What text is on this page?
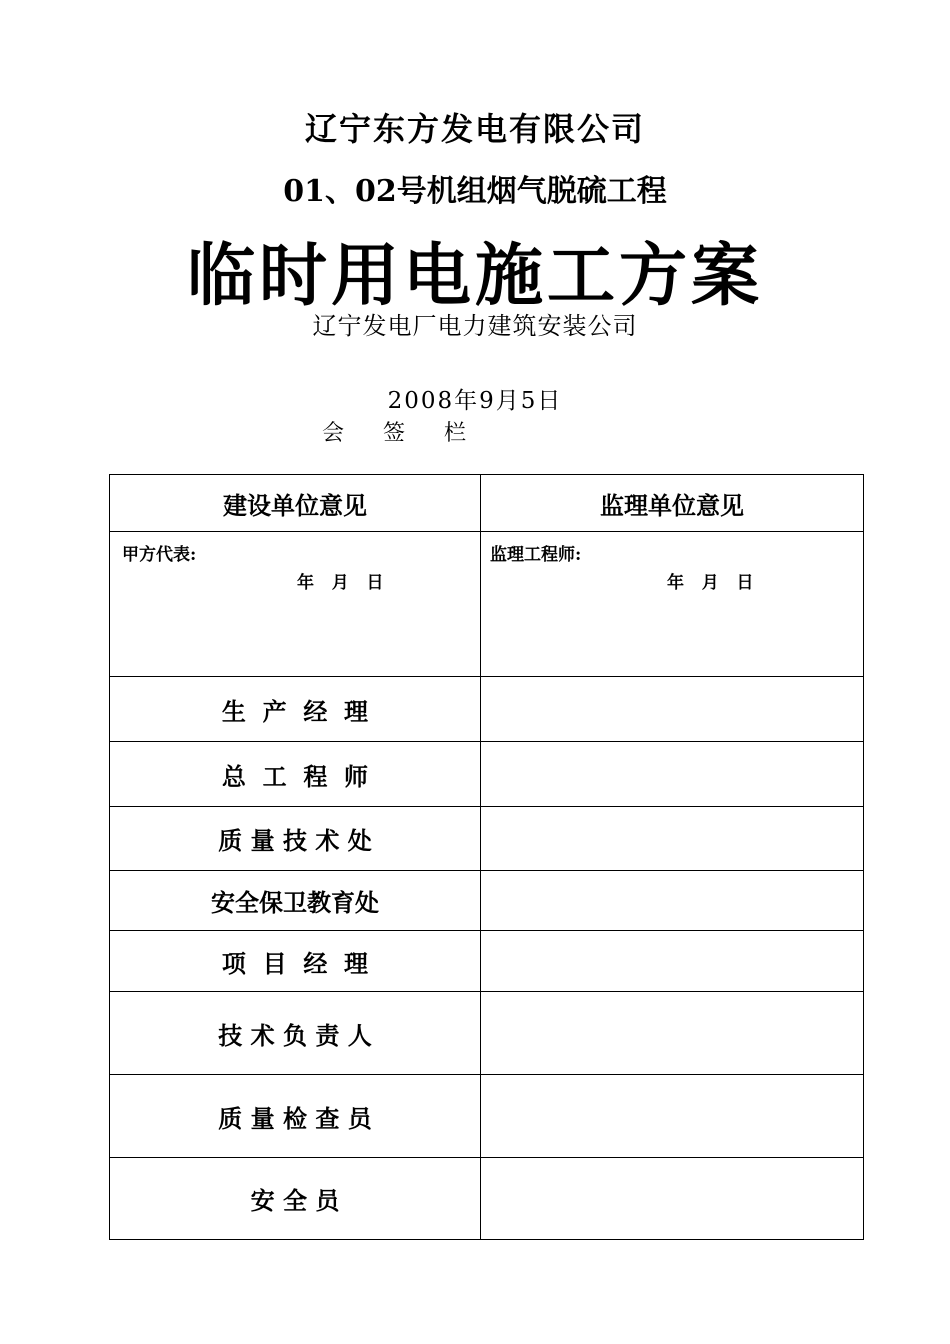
辽宁东方发电有限公司
01、02号机组烟气脱硫工程
临时用电施工方案
辽宁发电厂电力建筑安装公司
2008年9月5日
会 签 栏
建设单位意见	监理单位意见
甲方代表:
年   月   日
监理工程师:
年   月   日
生  产  经  理
总  工  程  师
质 量 技 术 处
安全保卫教育处
项  目  经  理
技 术 负 责 人
质 量 检 查 员
安 全 员
